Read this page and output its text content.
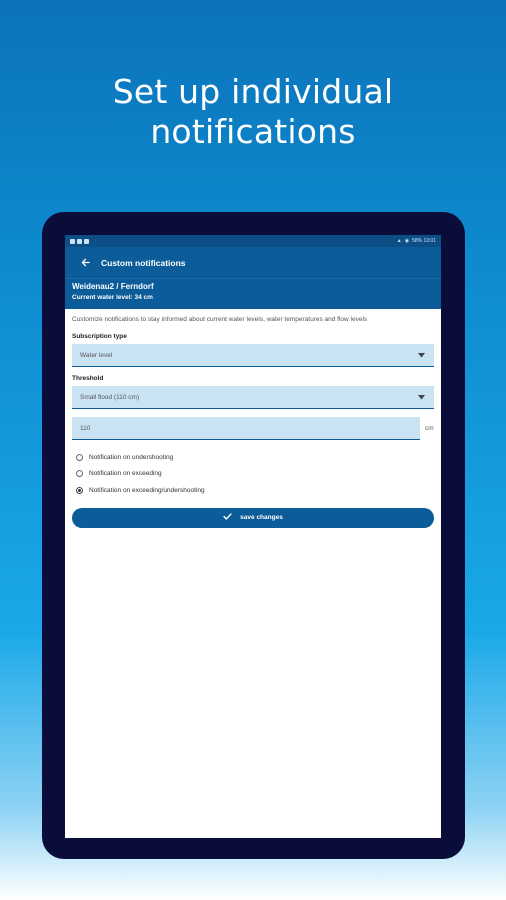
Set up individual
notifications
▲ ◉ 58% 13:01
Custom notifications
Weidenau2 / Ferndorf
Current water level: 34 cm
Customize notifications to stay informed about current water levels, water temperatures and flow levels
Subscription type
Water level
Threshold
Small flood (110 cm)
110	cm
Notification on undershooting
Notification on exceeding
Notification on exceeding/undershooting
save changes
